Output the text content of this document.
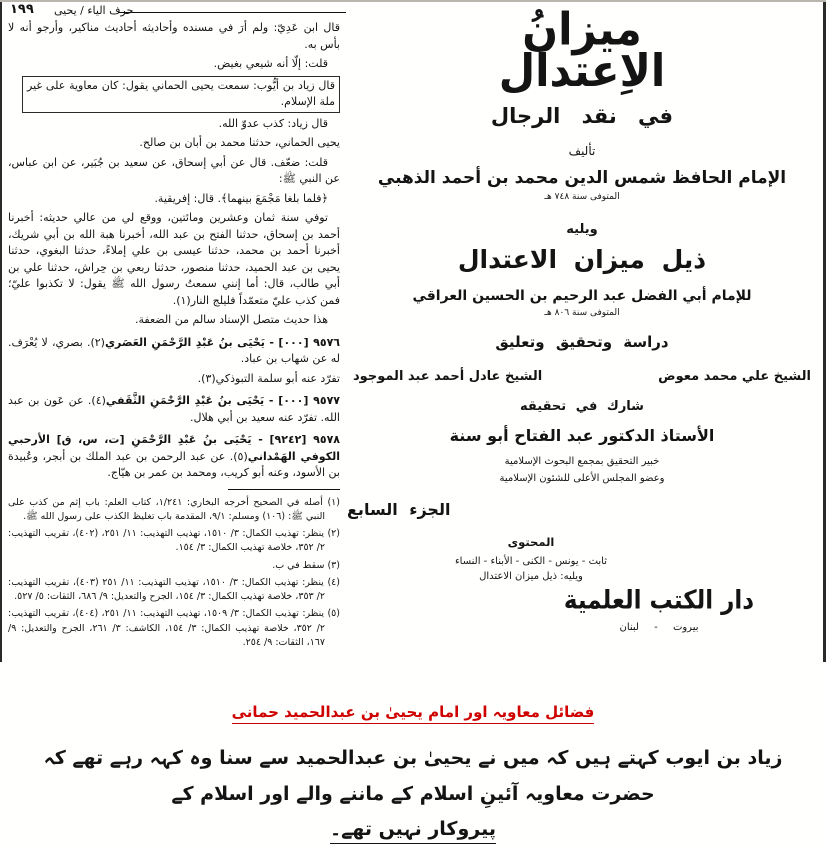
١٩٩ حرف الياء / يحيى

قال ابن عَدِيّ: ولم أرَ في مسنده وأحاديثه أحاديث مناكير، وأرجو أنه لا بأس به.

قلت: إلّا أنه شيعي بغيض.

قال زياد بن أيُّوب: سمعت يحيى الحماني يقول: كان معاوية على غير ملة الإسلام.

قال زياد: كذب عدوّ الله.

يحيى الحماني، حدثنا محمد بن أبان بن صالح.

قلت: ضعّف. قال عن أبي إسحاق، عن سعيد بن جُبَير، عن ابن عباس، عن النبي ﷺ:

﴿فلما بلغا مَجْمَعَ بينهما﴾. قال: إفريقية.

توفي سنة ثمان وعشرين ومائتين، ووقع لي من عالي حديثه: أخبرنا أحمد بن إسحاق، حدثنا الفتح بن عبد الله، أخبرنا هبة الله بن أبي شريك، أخبرنا أحمد بن محمد، حدثنا عيسى بن علي إملاءً، حدثنا البغوي، حدثنا يحيى بن عبد الحميد، حدثنا منصور، حدثنا ربعي بن حِراش، حدثنا علي بن أبي طالب، قال: أما إنني سمعتُ رسول الله ﷺ يقول: لا تكذبوا عليّ؛ فمن كذب عليّ متعمّداً فليلج النار(١).

هذا حديث متصل الإسناد سالم من الضعفة.

٩٥٧٦ [٠٠٠] - يَحْيَى بنُ عَبْدِ الرَّحْمَنِ العَصَري(٢). بصري، لا يُعْرَف. له عن شهاب بن عباد.

تفرّد عنه أبو سلمة التبوذكي(٣).

٩٥٧٧ [٠٠٠] - يَحْيَى بنُ عَبْدِ الرَّحْمَنِ الثَّقَفي(٤). عن عَون بن عبد الله. تفرّد عنه سعيد بن أبي هلال.

٩٥٧٨ [٩٢٤٢] - يَحْيَى بنُ عَبْدِ الرَّحْمَنِ [ت، س، ق] الأرحبي الكوفي الهَمْداني(٥). عن عبد الرحمن بن عبد الملك بن أبجر، وعُبيدة بن الأسود، وعنه أبو كريب، ومحمد بن عمر بن هيّاج.

(١) أصله في الصحيح أخرجه البخاري: ١/٢٤١، كتاب العلم: باب إثم من كذب على النبي ﷺ: (١٠٦) ومسلم: ٩/١، المقدمة باب تغليظ الكذب على رسول الله ﷺ.

(٢) ينظر: تهذيب الكمال: ٣/ ١٥١٠، تهذيب التهذيب: ١١/ ٢٥١، (٤٠٢)، تقريب التهذيب: ٢/ ٣٥٢، خلاصة تهذيب الكمال: ٣/ ١٥٤.

(٣) سقط في ب.

(٤) ينظر: تهذيب الكمال: ٣/ ١٥١٠، تهذيب التهذيب: ١١/ ٢٥١ (٤٠٣)، تقريب التهذيب: ٢/ ٣٥٣، خلاصة تهذيب الكمال: ٣/ ١٥٤، الجرح والتعديل: ٩/ ٦٨٦، الثقات: ٥/ ٥٢٧.

(٥) ينظر: تهذيب الكمال: ٣/ ١٥٠٩، تهذيب التهذيب: ١١/ ٢٥١، (٤٠٤)، تقريب التهذيب: ٢/ ٣٥٢، خلاصة تهذيب الكمال: ٣/ ١٥٤، الكاشف: ٣/ ٢٦١، الجرح والتعديل: ٩/ ١٦٧، الثقات: ٩/ ٢٥٤.

ميزانُ
الاِعتدال
في نقد الرجال
تأليف
الإمام الحافظ شمس الدين محمد بن أحمد الذهبي
المتوفى سنة ٧٤٨ هـ
ويليه
ذيل ميزان الاعتدال
للإمام أبي الفضل عبد الرحيم بن الحسين العراقي
المتوفى سنة ٨٠٦ هـ
دراسة وتحقيق وتعليق
الشيخ علي محمد معوض
الشيخ عادل أحمد عبد الموجود
شارك في تحقيقه
الأستاذ الدكتور عبد الفتاح أبو سنة
خبير التحقيق بمجمع البحوث الإسلامية
وعضو المجلس الأعلى للشئون الإسلامية
الجزء السابع
المحتوى
ثابت - يونس - الكنى - الأبناء - النساء
ويليه: ذيل ميزان الاعتدال
دار الكتب العلمية
بيروت - لبنان
فضائل معاویہ اور امام یحییٰ بن عبدالحمید حمانی
زیاد بن ایوب کہتے ہیں کہ میں نے یحییٰ بن عبدالحمید سے سنا وہ کہہ رہے تھے کہ حضرت معاویہ آئینِ اسلام کے ماننے والے اور اسلام کے
پیروکار نہیں تھے۔
